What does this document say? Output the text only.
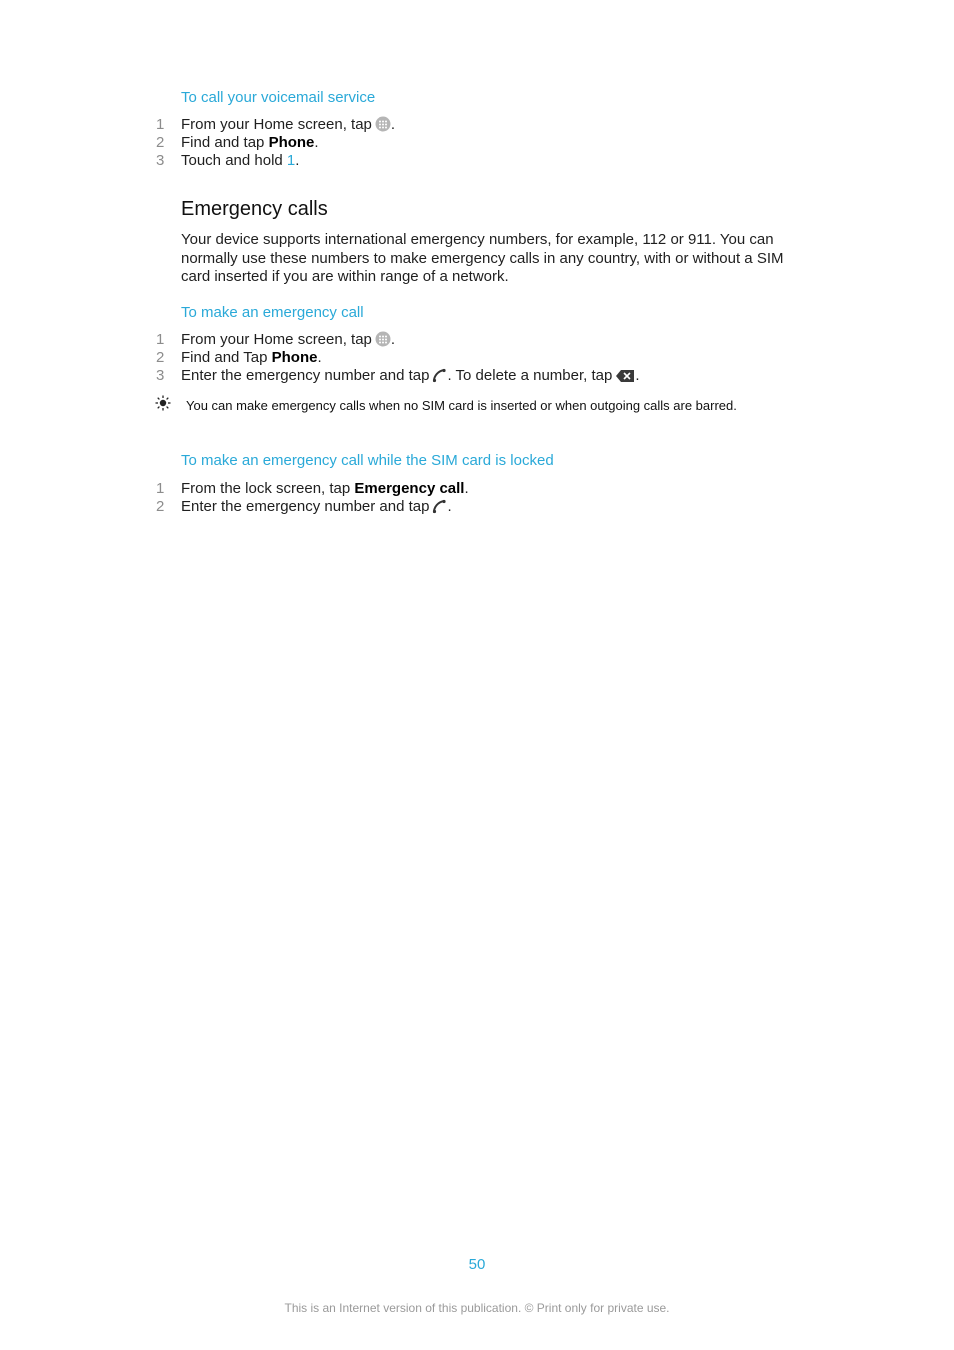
To call your voicemail service
1 From your Home screen, tap .
2 Find and tap Phone.
3 Touch and hold 1.
Emergency calls
Your device supports international emergency numbers, for example, 112 or 911. You can normally use these numbers to make emergency calls in any country, with or without a SIM card inserted if you are within range of a network.
To make an emergency call
1 From your Home screen, tap .
2 Find and Tap Phone.
3 Enter the emergency number and tap . To delete a number, tap .
You can make emergency calls when no SIM card is inserted or when outgoing calls are barred.
To make an emergency call while the SIM card is locked
1 From the lock screen, tap Emergency call.
2 Enter the emergency number and tap .
50
This is an Internet version of this publication. © Print only for private use.
